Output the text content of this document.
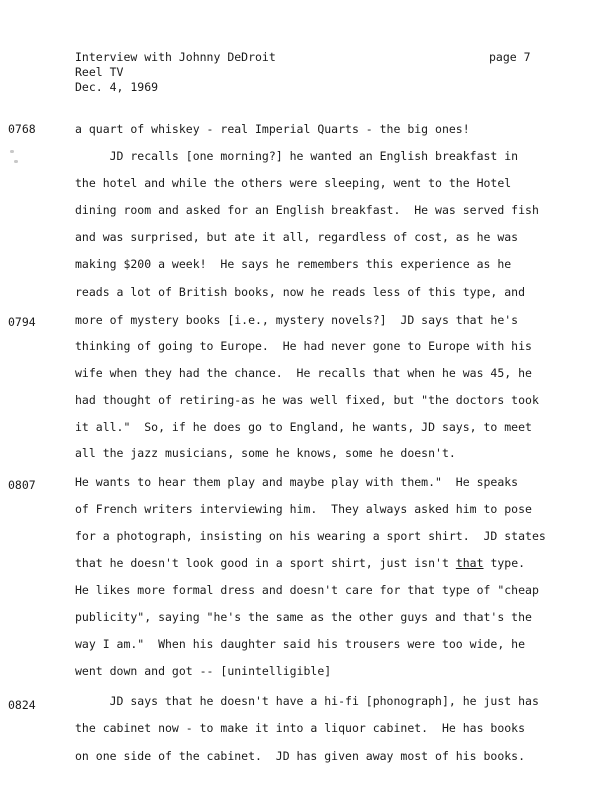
Interview with Johnny DeDroit
Reel TV
Dec. 4, 1969
page 7
0768
0794
0807
0824
a quart of whiskey - real Imperial Quarts - the big ones!
JD recalls [one morning?] he wanted an English breakfast in
the hotel and while the others were sleeping, went to the Hotel
dining room and asked for an English breakfast.  He was served fish
and was surprised, but ate it all, regardless of cost, as he was
making $200 a week!  He says he remembers this experience as he
reads a lot of British books, now he reads less of this type, and
more of mystery books [i.e., mystery novels?]  JD says that he's
thinking of going to Europe.  He had never gone to Europe with his
wife when they had the chance.  He recalls that when he was 45, he
had thought of retiring-as he was well fixed, but "the doctors took
it all."  So, if he does go to England, he wants, JD says, to meet
all the jazz musicians, some he knows, some he doesn't.
He wants to hear them play and maybe play with them."  He speaks
of French writers interviewing him.  They always asked him to pose
for a photograph, insisting on his wearing a sport shirt.  JD states
that he doesn't look good in a sport shirt, just isn't that type.
He likes more formal dress and doesn't care for that type of "cheap
publicity", saying "he's the same as the other guys and that's the
way I am."  When his daughter said his trousers were too wide, he
went down and got -- [unintelligible]
JD says that he doesn't have a hi-fi [phonograph], he just has
the cabinet now - to make it into a liquor cabinet.  He has books
on one side of the cabinet.  JD has given away most of his books.
